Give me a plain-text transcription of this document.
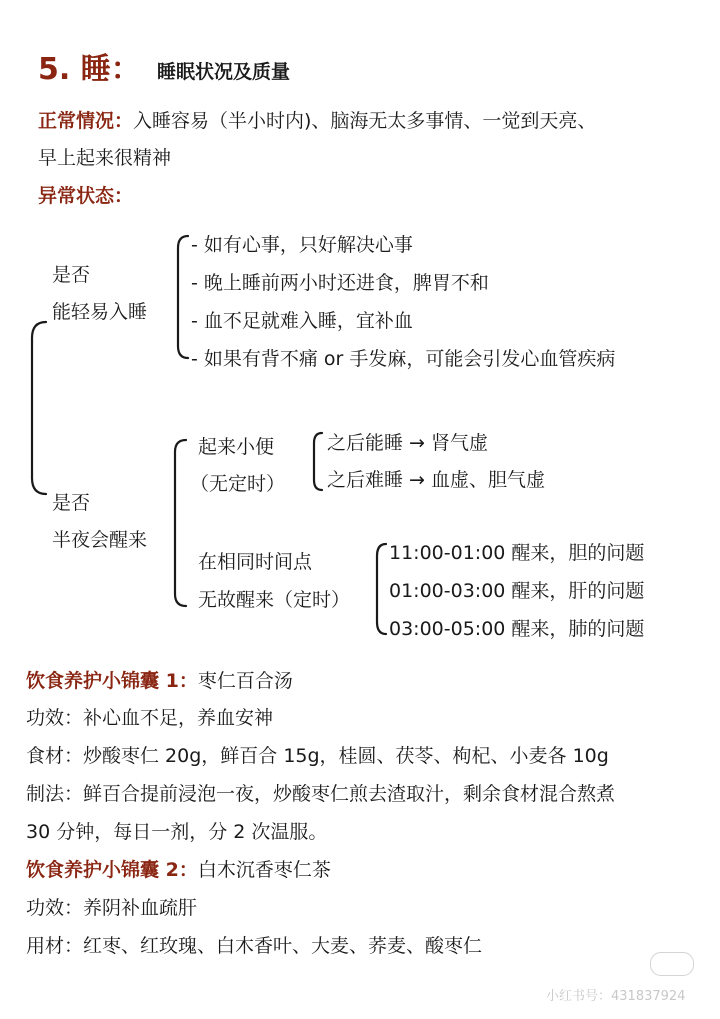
5. 睡： 睡眠状况及质量
正常情况：入睡容易（半小时内)、脑海无太多事情、一觉到天亮、
早上起来很精神
异常状态：
是否
能轻易入睡
- 如有心事，只好解决心事
- 晚上睡前两小时还进食，脾胃不和
- 血不足就难入睡，宜补血
- 如果有背不痛 or 手发麻，可能会引发心血管疾病
是否
半夜会醒来
起来小便
（无定时）
之后能睡 → 肾气虚
之后难睡 → 血虚、胆气虚
在相同时间点
无故醒来（定时）
11:00-01:00 醒来，胆的问题
01:00-03:00 醒来，肝的问题
03:00-05:00 醒来，肺的问题
饮食养护小锦囊 1：枣仁百合汤
功效：补心血不足，养血安神
食材：炒酸枣仁 20g，鲜百合 15g，桂圆、茯苓、枸杞、小麦各 10g
制法：鲜百合提前浸泡一夜，炒酸枣仁煎去渣取汁，剩余食材混合熬煮
30 分钟，每日一剂，分 2 次温服。
饮食养护小锦囊 2：白木沉香枣仁茶
功效：养阴补血疏肝
用材：红枣、红玫瑰、白木香叶、大麦、荞麦、酸枣仁
小红书号：431837924
